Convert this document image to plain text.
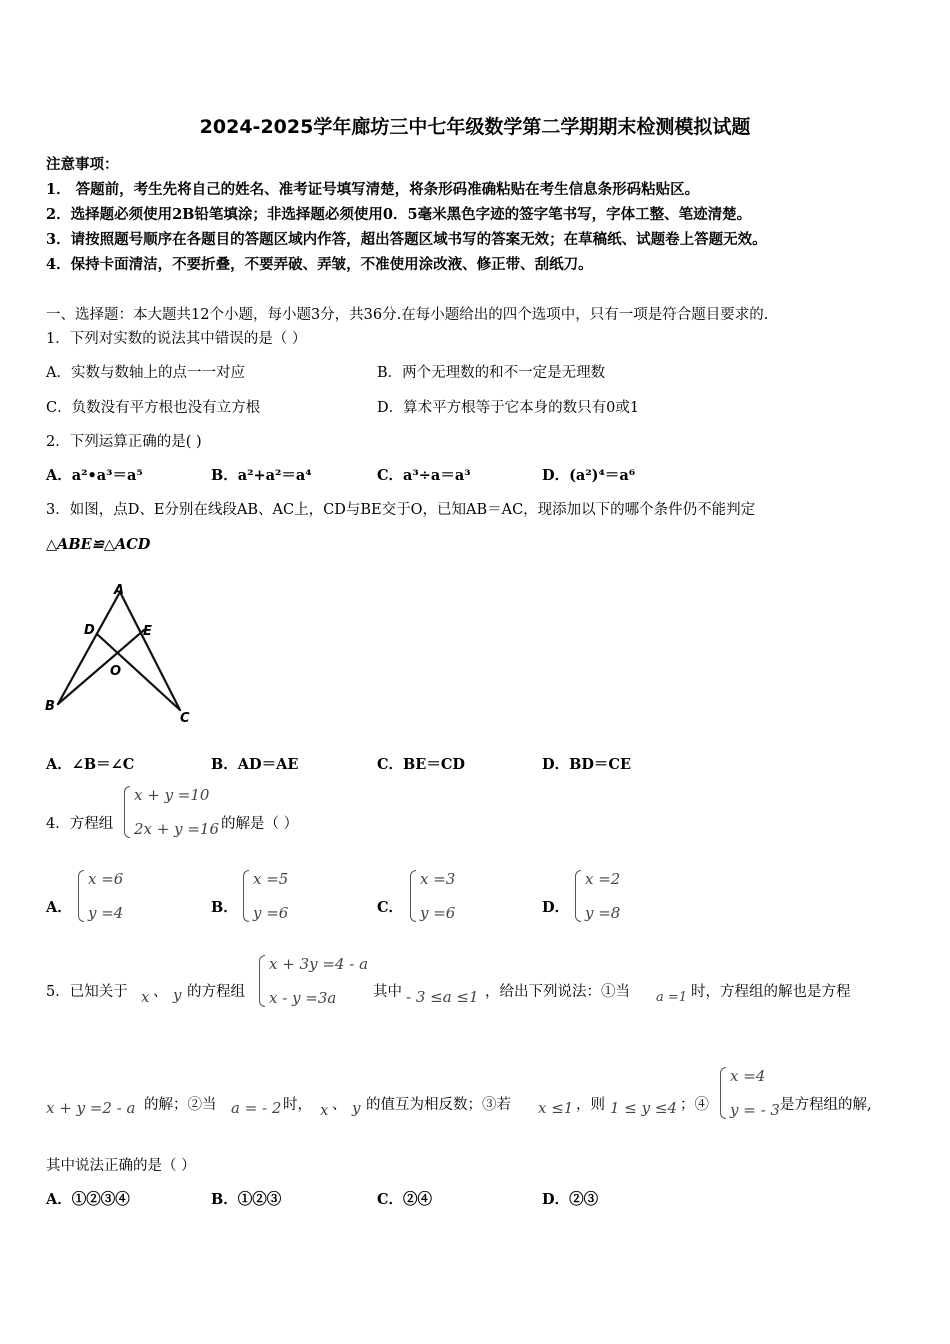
2024-2025学年廊坊三中七年级数学第二学期期末检测模拟试题
注意事项：
1． 答题前，考生先将自己的姓名、准考证号填写清楚，将条形码准确粘贴在考生信息条形码粘贴区。
2．选择题必须使用2B铅笔填涂；非选择题必须使用0．5毫米黑色字迹的签字笔书写，字体工整、笔迹清楚。
3．请按照题号顺序在各题目的答题区域内作答，超出答题区域书写的答案无效；在草稿纸、试题卷上答题无效。
4．保持卡面清洁，不要折叠，不要弄破、弄皱，不准使用涂改液、修正带、刮纸刀。
一、选择题：本大题共12个小题，每小题3分，共36分.在每小题给出的四个选项中，只有一项是符合题目要求的.
1．下列对实数的说法其中错误的是（ ）
A．实数与数轴上的点一一对应	B．两个无理数的和不一定是无理数
C．负数没有平方根也没有立方根	D．算术平方根等于它本身的数只有0或1
2．下列运算正确的是( )
A．a²•a³＝a⁵	B．a²+a²＝a⁴	C．a³÷a＝a³	D．(a²)⁴＝a⁶
3．如图，点D、E分别在线段AB、AC上，CD与BE交于O，已知AB＝AC，现添加以下的哪个条件仍不能判定
△ABE≌△ACD
A
D	E
O
B
C
A．∠B＝∠C	B．AD＝AE	C．BE＝CD	D．BD＝CE
4．方程组
x + y =10
2x + y =16 的解是（ ）
A．
x =6
y =4	B．
x =5
y =6	C．
x =3
y =6	D．
x =2
y =8
5．已知关于 x 、 y 的方程组
x + 3y =4 - a
x - y =3a	其中 - 3 ≤a ≤1 ，给出下列说法：①当 a =1 时，方程组的解也是方程
x + y =2 - a 的解；②当 a = - 2 时， x 、 y 的值互为相反数；③若 x ≤1 ，则 1 ≤ y ≤4 ；④
x =4
y = - 3 是方程组的解,
其中说法正确的是（ ）
A．①②③④	B．①②③	C．②④	D．②③
